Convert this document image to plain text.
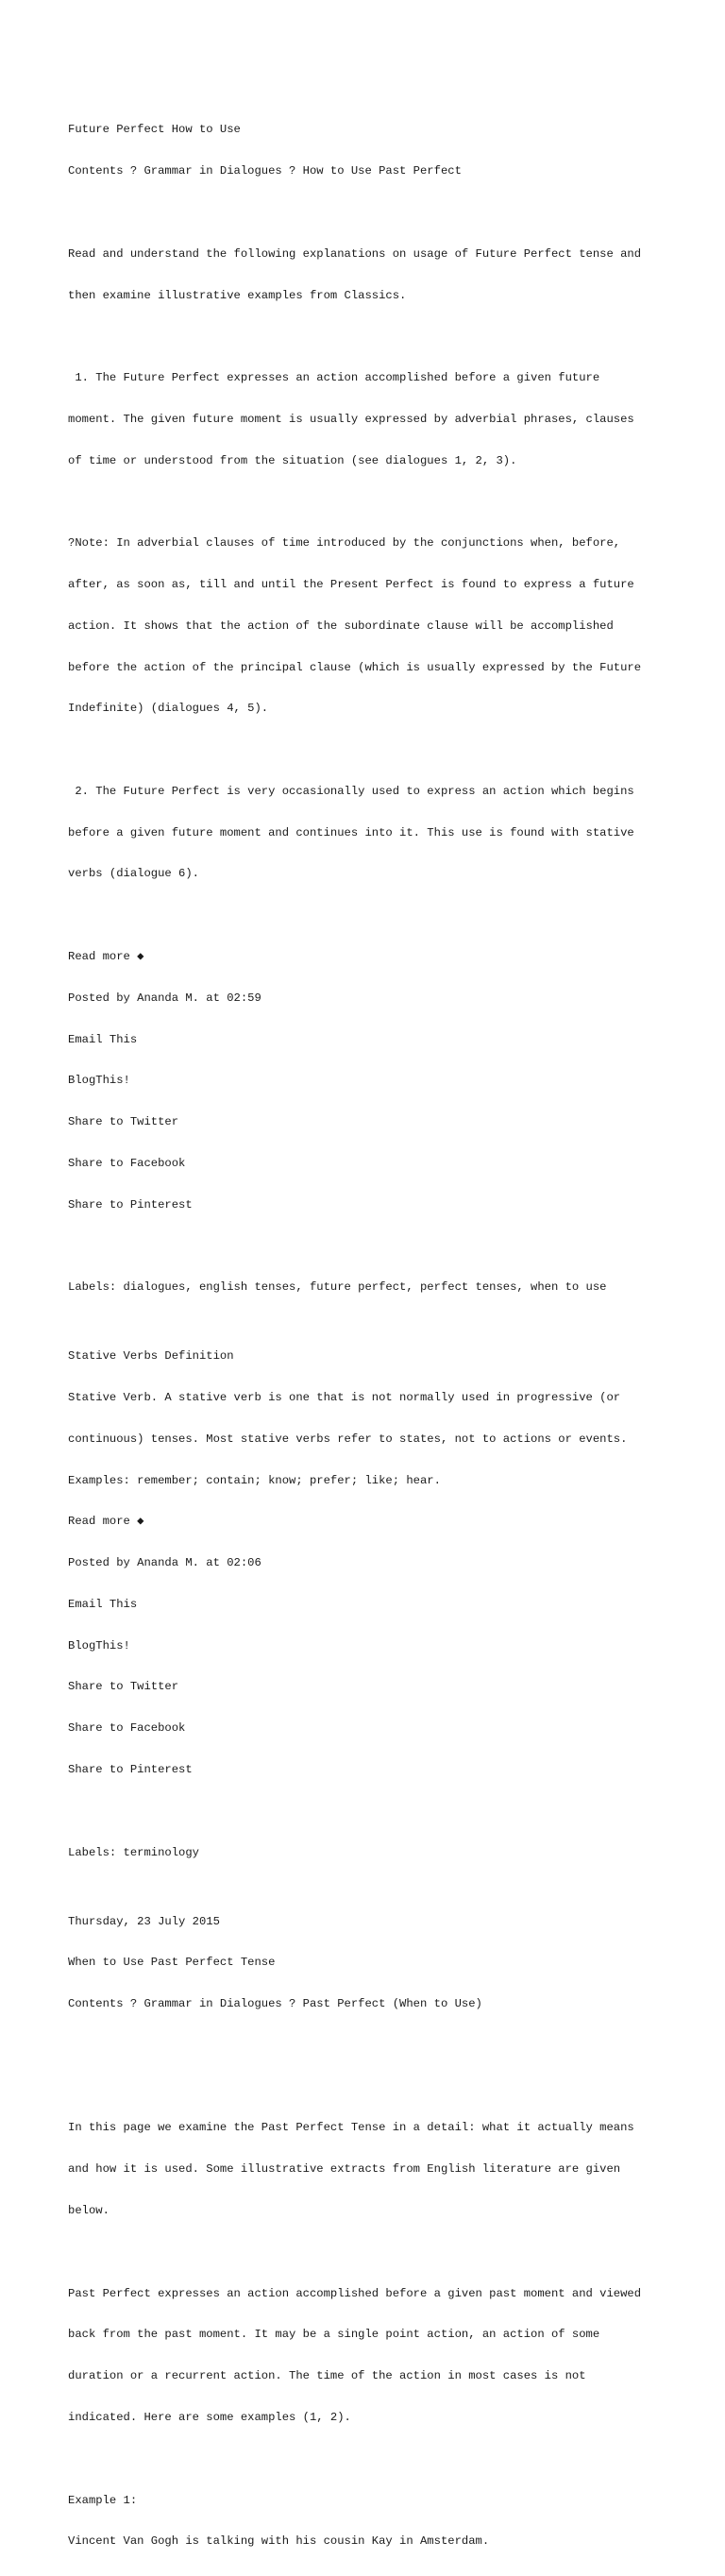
Future Perfect How to Use

Contents ? Grammar in Dialogues ? How to Use Past Perfect

Read and understand the following explanations on usage of Future Perfect tense and

then examine illustrative examples from Classics.

1. The Future Perfect expresses an action accomplished before a given future

moment. The given future moment is usually expressed by adverbial phrases, clauses

of time or understood from the situation (see dialogues 1, 2, 3).

?Note: In adverbial clauses of time introduced by the conjunctions when, before,

after, as soon as, till and until the Present Perfect is found to express a future

action. It shows that the action of the subordinate clause will be accomplished

before the action of the principal clause (which is usually expressed by the Future

Indefinite) (dialogues 4, 5).

2. The Future Perfect is very occasionally used to express an action which begins

before a given future moment and continues into it. This use is found with stative

verbs (dialogue 6).

Read more ◆

Posted by Ananda M. at 02:59

Email This

BlogThis!

Share to Twitter

Share to Facebook

Share to Pinterest

Labels: dialogues, english tenses, future perfect, perfect tenses, when to use

Stative Verbs Definition

Stative Verb. A stative verb is one that is not normally used in progressive (or

continuous) tenses. Most stative verbs refer to states, not to actions or events.

Examples: remember; contain; know; prefer; like; hear.

Read more ◆

Posted by Ananda M. at 02:06

Email This

BlogThis!

Share to Twitter

Share to Facebook

Share to Pinterest

Labels: terminology

Thursday, 23 July 2015

When to Use Past Perfect Tense

Contents ? Grammar in Dialogues ? Past Perfect (When to Use)

In this page we examine the Past Perfect Tense in a detail: what it actually means

and how it is used. Some illustrative extracts from English literature are given

below.

Past Perfect expresses an action accomplished before a given past moment and viewed

back from the past moment. It may be a single point action, an action of some

duration or a recurrent action. The time of the action in most cases is not

indicated. Here are some examples (1, 2).

Example 1:

Vincent Van Gogh is talking with his cousin Kay in Amsterdam.
